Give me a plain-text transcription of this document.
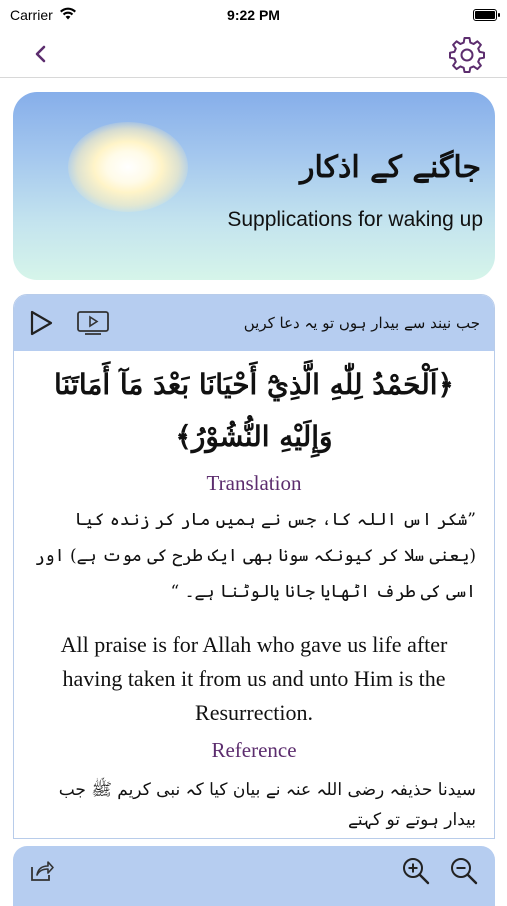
Carrier	9:22 PM
جاگنے کے اذکار
Supplications for waking up
جب نیند سے بیدار ہوں تو یہ دعا کریں
﴿اَلْحَمْدُ لِلّٰهِ الَّذِيْٓ أَحْيَانَا بَعْدَ مَآ أَمَاتَنَا وَإِلَيْهِ النُّشُوْرُ﴾
Translation
”شکر اس اللہ کا، جس نے ہمیں مار کر زندہ کیا (یعنی سلا کر کیونکہ سونا بھی ایک طرح کی موت ہے) اور اسی کی طرف اٹھایا جانا یالوٹنا ہے۔ “
All praise is for Allah who gave us life after having taken it from us and unto Him is the Resurrection.
Reference
سیدنا حذیفہ رضی اللہ عنہ نے بیان کیا کہ نبی کریم ﷺ جب بیدار ہوتے تو کہتے
